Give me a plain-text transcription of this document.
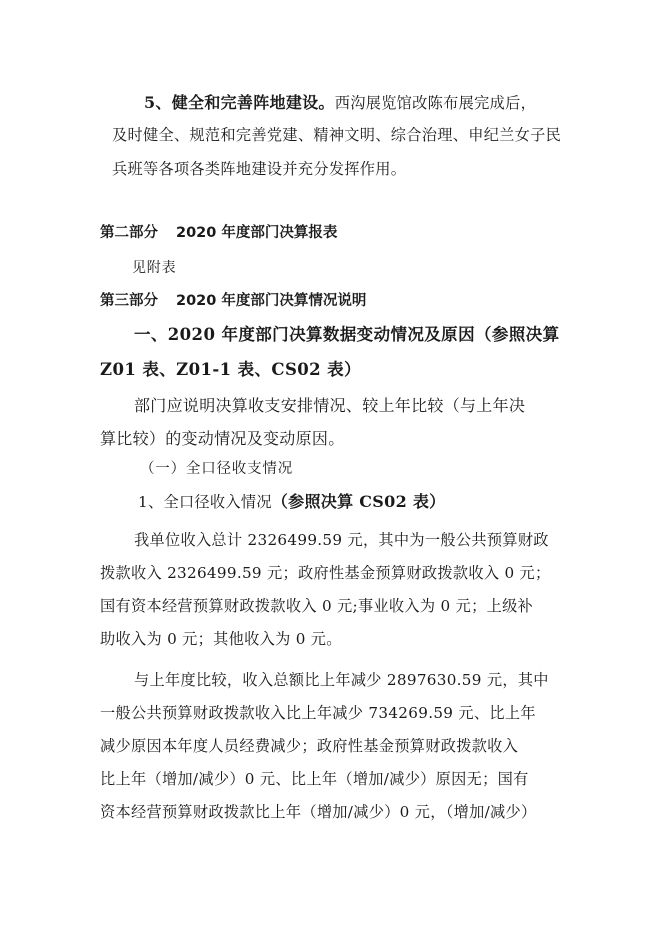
5、健全和完善阵地建设。西沟展览馆改陈布展完成后，

及时健全、规范和完善党建、精神文明、综合治理、申纪兰女子民

兵班等各项各类阵地建设并充分发挥作用。

第二部分 2020 年度部门决算报表

见附表

第三部分 2020 年度部门决算情况说明

一、2020 年度部门决算数据变动情况及原因（参照决算

Z01 表、Z01-1 表、CS02 表）

部门应说明决算收支安排情况、较上年比较（与上年决

算比较）的变动情况及变动原因。

（一）全口径收支情况

1、全口径收入情况（参照决算 CS02 表）

我单位收入总计 2326499.59 元，其中为一般公共预算财政

拨款收入 2326499.59 元；政府性基金预算财政拨款收入 0 元；

国有资本经营预算财政拨款收入 0 元;事业收入为 0 元；上级补

助收入为 0 元；其他收入为 0 元。

与上年度比较，收入总额比上年减少 2897630.59 元，其中

一般公共预算财政拨款收入比上年减少 734269.59 元、比上年

减少原因本年度人员经费减少；政府性基金预算财政拨款收入

比上年（增加/减少）0 元、比上年（增加/减少）原因无；国有

资本经营预算财政拨款比上年（增加/减少）0 元，（增加/减少）
